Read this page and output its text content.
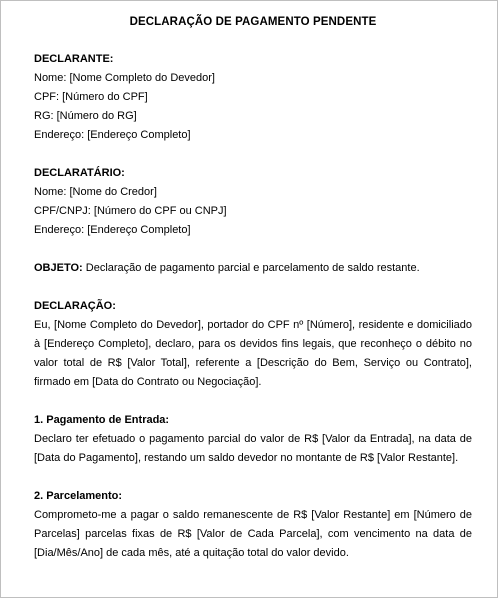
DECLARAÇÃO DE PAGAMENTO PENDENTE

DECLARANTE:

Nome: [Nome Completo do Devedor]

CPF: [Número do CPF]

RG: [Número do RG]

Endereço: [Endereço Completo]

DECLARATÁRIO:

Nome: [Nome do Credor]

CPF/CNPJ: [Número do CPF ou CNPJ]

Endereço: [Endereço Completo]

OBJETO: Declaração de pagamento parcial e parcelamento de saldo restante.

DECLARAÇÃO:

Eu, [Nome Completo do Devedor], portador do CPF nº [Número], residente e domiciliado à [Endereço Completo], declaro, para os devidos fins legais, que reconheço o débito no valor total de R$ [Valor Total], referente a [Descrição do Bem, Serviço ou Contrato], firmado em [Data do Contrato ou Negociação].

1. Pagamento de Entrada:

Declaro ter efetuado o pagamento parcial do valor de R$ [Valor da Entrada], na data de [Data do Pagamento], restando um saldo devedor no montante de R$ [Valor Restante].

2. Parcelamento:

Comprometo-me a pagar o saldo remanescente de R$ [Valor Restante] em [Número de Parcelas] parcelas fixas de R$ [Valor de Cada Parcela], com vencimento na data de [Dia/Mês/Ano] de cada mês, até a quitação total do valor devido.
